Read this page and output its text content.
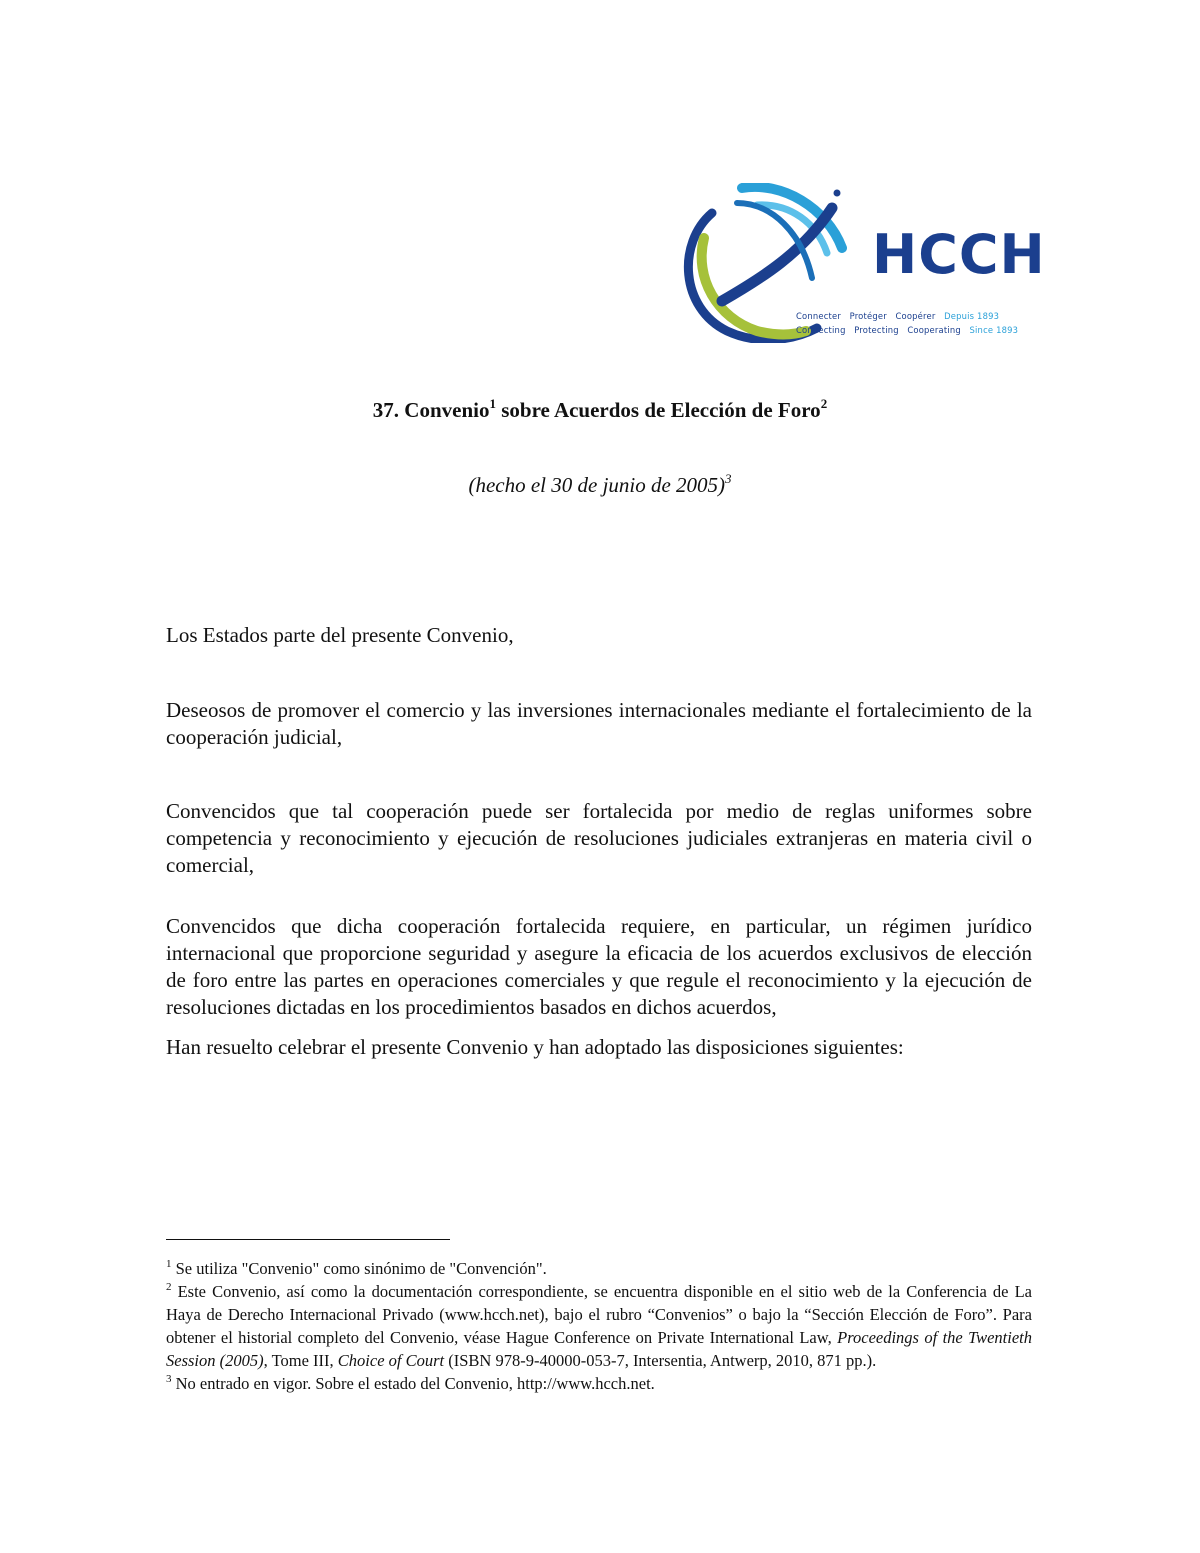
HCCH
Connecter Protéger Coopérer Depuis 1893
Connecting Protecting Cooperating Since 1893
37. Convenio$^1$ sobre Acuerdos de Elección de Foro$^2$
(hecho el 30 de junio de 2005)$^3$
Los Estados parte del presente Convenio,
Deseosos de promover el comercio y las inversiones internacionales mediante el fortalecimiento de la cooperación judicial,
Convencidos que tal cooperación puede ser fortalecida por medio de reglas uniformes sobre competencia y reconocimiento y ejecución de resoluciones judiciales extranjeras en materia civil o comercial,
Convencidos que dicha cooperación fortalecida requiere, en particular, un régimen jurídico internacional que proporcione seguridad y asegure la eficacia de los acuerdos exclusivos de elección de foro entre las partes en operaciones comerciales y que regule el reconocimiento y la ejecución de resoluciones dictadas en los procedimientos basados en dichos acuerdos,
Han resuelto celebrar el presente Convenio y han adoptado las disposiciones siguientes:

$^1$ Se utiliza "Convenio" como sinónimo de "Convención".

$^2$ Este Convenio, así como la documentación correspondiente, se encuentra disponible en el sitio web de la Conferencia de La Haya de Derecho Internacional Privado (www.hcch.net), bajo el rubro “Convenios” o bajo la “Sección Elección de Foro”. Para obtener el historial completo del Convenio, véase Hague Conference on Private International Law, Proceedings of the Twentieth Session (2005), Tome III, Choice of Court (ISBN 978-9-40000-053-7, Intersentia, Antwerp, 2010, 871 pp.).

$^3$ No entrado en vigor. Sobre el estado del Convenio, http://www.hcch.net.
